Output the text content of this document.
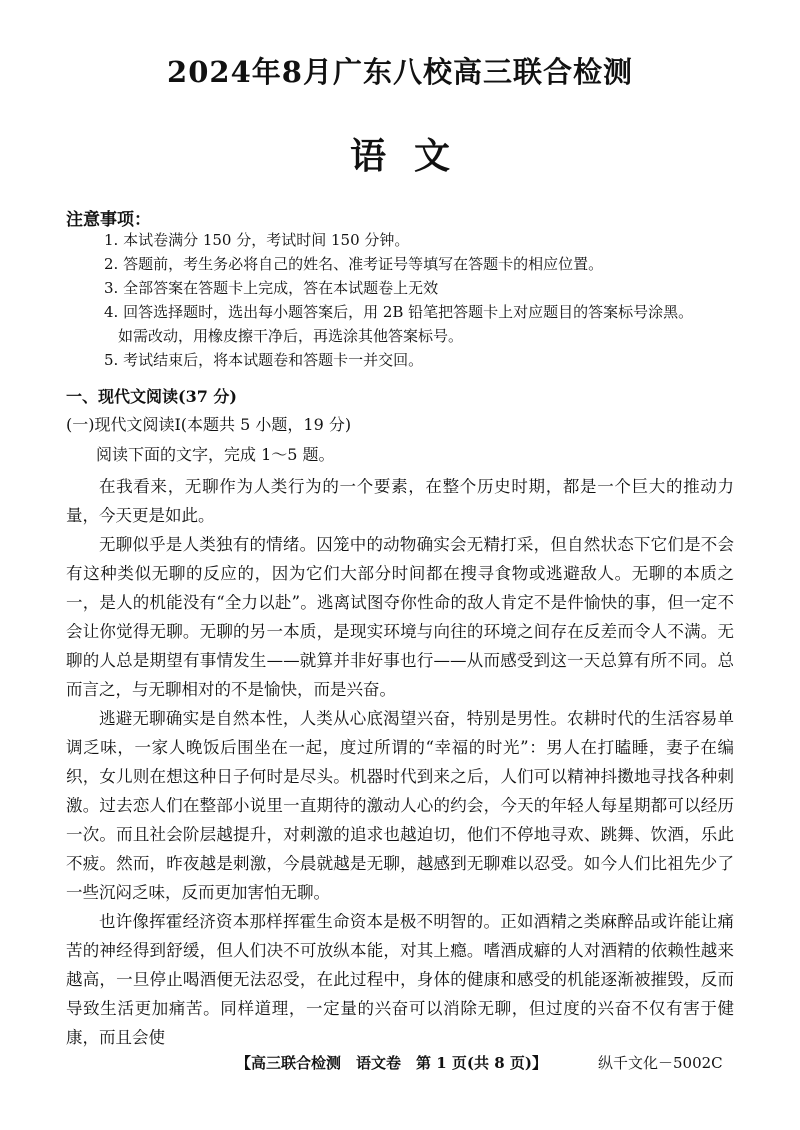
2024年8月广东八校高三联合检测
语文
注意事项：
1. 本试卷满分 150 分，考试时间 150 分钟。
2. 答题前，考生务必将自己的姓名、准考证号等填写在答题卡的相应位置。
3. 全部答案在答题卡上完成，答在本试题卷上无效
4. 回答选择题时，选出每小题答案后，用 2B 铅笔把答题卡上对应题目的答案标号涂黑。
如需改动，用橡皮擦干净后，再选涂其他答案标号。
5. 考试结束后，将本试题卷和答题卡一并交回。
一、现代文阅读(37 分)
(一)现代文阅读Ⅰ(本题共 5 小题，19 分)
阅读下面的文字，完成 1～5 题。

在我看来，无聊作为人类行为的一个要素，在整个历史时期，都是一个巨大的推动力量，今天更是如此。

无聊似乎是人类独有的情绪。囚笼中的动物确实会无精打采，但自然状态下它们是不会有这种类似无聊的反应的，因为它们大部分时间都在搜寻食物或逃避敌人。无聊的本质之一，是人的机能没有“全力以赴”。逃离试图夺你性命的敌人肯定不是件愉快的事，但一定不会让你觉得无聊。无聊的另一本质，是现实环境与向往的环境之间存在反差而令人不满。无聊的人总是期望有事情发生——就算并非好事也行——从而感受到这一天总算有所不同。总而言之，与无聊相对的不是愉快，而是兴奋。

逃避无聊确实是自然本性，人类从心底渴望兴奋，特别是男性。农耕时代的生活容易单调乏味，一家人晚饭后围坐在一起，度过所谓的“幸福的时光”：男人在打瞌睡，妻子在编织，女儿则在想这种日子何时是尽头。机器时代到来之后，人们可以精神抖擞地寻找各种刺激。过去恋人们在整部小说里一直期待的激动人心的约会，今天的年轻人每星期都可以经历一次。而且社会阶层越提升，对刺激的追求也越迫切，他们不停地寻欢、跳舞、饮酒，乐此不疲。然而，昨夜越是刺激，今晨就越是无聊，越感到无聊难以忍受。如今人们比祖先少了一些沉闷乏味，反而更加害怕无聊。

也许像挥霍经济资本那样挥霍生命资本是极不明智的。正如酒精之类麻醉品或许能让痛苦的神经得到舒缓，但人们决不可放纵本能，对其上瘾。嗜酒成癖的人对酒精的依赖性越来越高，一旦停止喝酒便无法忍受，在此过程中，身体的健康和感受的机能逐渐被摧毁，反而导致生活更加痛苦。同样道理，一定量的兴奋可以消除无聊，但过度的兴奋不仅有害于健康，而且会使

【高三联合检测　语文卷　第 1 页(共 8 页)】	纵千文化－5002C
